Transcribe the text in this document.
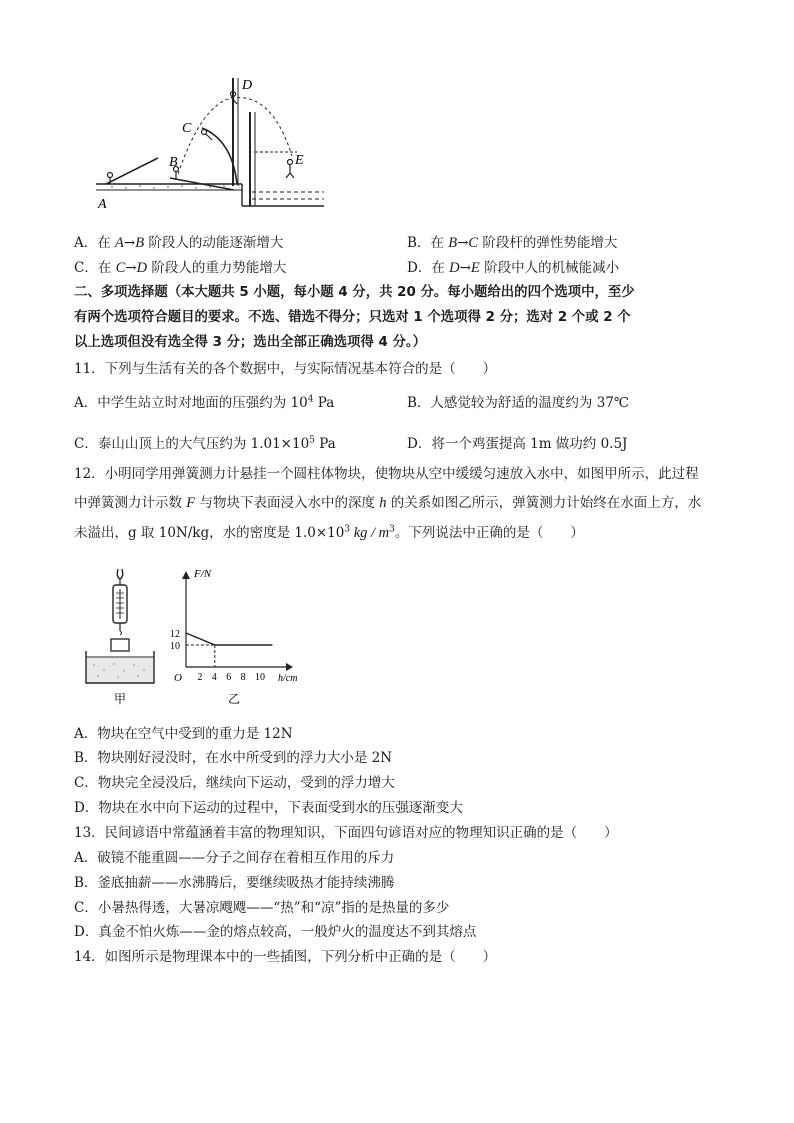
A
B
C
D
E
A．在 A→B 阶段人的动能逐渐增大	B．在 B→C 阶段杆的弹性势能增大
C．在 C→D 阶段人的重力势能增大	D．在 D→E 阶段中人的机械能减小
二、多项选择题（本大题共 5 小题，每小题 4 分，共 20 分。每小题给出的四个选项中，至少
有两个选项符合题目的要求。不选、错选不得分；只选对 1 个选项得 2 分；选对 2 个或 2 个
以上选项但没有选全得 3 分；选出全部正确选项得 4 分。）
11．下列与生活有关的各个数据中，与实际情况基本符合的是（　　）
A．中学生站立时对地面的压强约为 $10^4$ Pa	B．人感觉较为舒适的温度约为 37℃
C．泰山山顶上的大气压约为 $1.01\times 10^5$ Pa	D．将一个鸡蛋提高 1m 做功约 0.5J
12．小明同学用弹簧测力计悬挂一个圆柱体物块，使物块从空中缓缓匀速放入水中，如图甲所示，此过程
中弹簧测力计示数 F 与物块下表面浸入水中的深度 h 的关系如图乙所示，弹簧测力计始终在水面上方，水
未溢出，g 取 10N/kg，水的密度是 $1.0\times 10^3$ kg / $m^3$。下列说法中正确的是（　　）
甲
F/N
h/cm
O 2 4 6 8 10
10
12
乙
A．物块在空气中受到的重力是 12N
B．物块刚好浸没时，在水中所受到的浮力大小是 2N
C．物块完全浸没后，继续向下运动，受到的浮力增大
D．物块在水中向下运动的过程中，下表面受到水的压强逐渐变大
13．民间谚语中常蕴涵着丰富的物理知识，下面四句谚语对应的物理知识正确的是（　　）
A．破镜不能重圆——分子之间存在着相互作用的斥力
B．釜底抽薪——水沸腾后，要继续吸热才能持续沸腾
C．小暑热得透，大暑凉飕飕——“热”和“凉”指的是热量的多少
D．真金不怕火炼——金的熔点较高，一般炉火的温度达不到其熔点
14．如图所示是物理课本中的一些插图，下列分析中正确的是（　　）
